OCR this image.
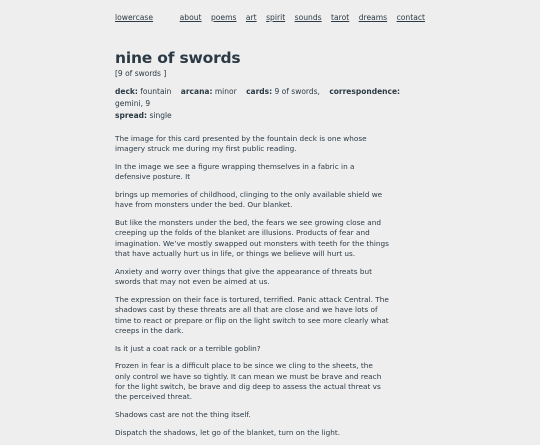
lowercase	about poems art spirit sounds tarot dreams contact
nine of swords
[9 of swords ]
deck: fountain arcana: minor cards: 9 of swords, correspondence: gemini, 9
spread: single

The image for this card presented by the fountain deck is one whose imagery struck me during my first public reading.

In the image we see a figure wrapping themselves in a fabric in a defensive posture. It

brings up memories of childhood, clinging to the only available shield we have from monsters under the bed. Our blanket.

But like the monsters under the bed, the fears we see growing close and creeping up the folds of the blanket are illusions. Products of fear and imagination. We’ve mostly swapped out monsters with teeth for the things that have actually hurt us in life, or things we believe will hurt us.

Anxiety and worry over things that give the appearance of threats but swords that may not even be aimed at us.

The expression on their face is tortured, terrified. Panic attack Central. The shadows cast by these threats are all that are close and we have lots of time to react or prepare or flip on the light switch to see more clearly what creeps in the dark.

Is it just a coat rack or a terrible goblin?

Frozen in fear is a difficult place to be since we cling to the sheets, the only control we have so tightly. It can mean we must be brave and reach for the light switch, be brave and dig deep to assess the actual threat vs the perceived threat.

Shadows cast are not the thing itself.

Dispatch the shadows, let go of the blanket, turn on the light.
